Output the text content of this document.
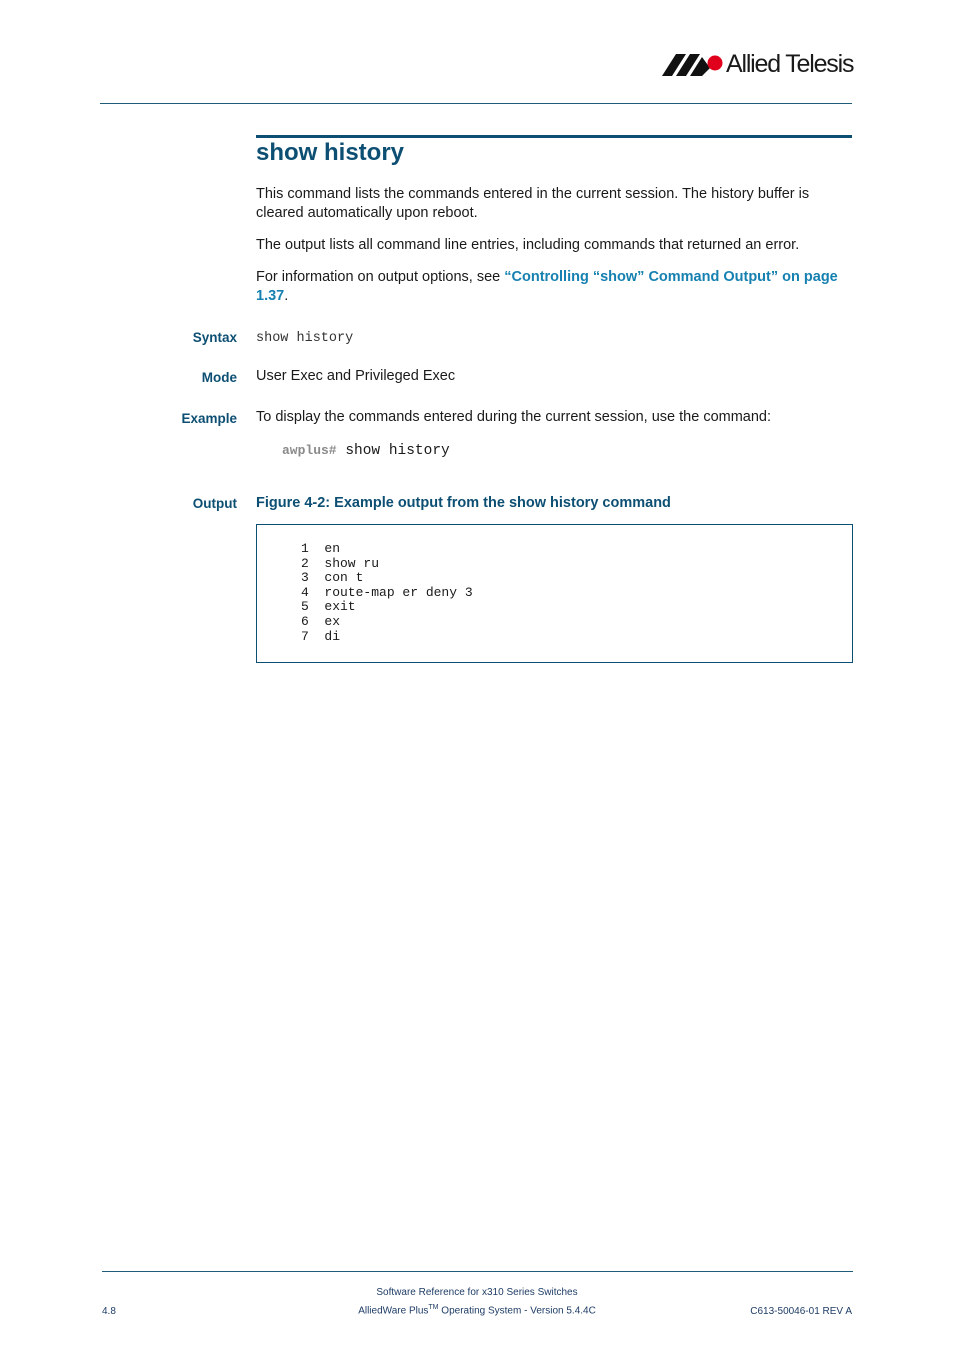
Allied Telesis
show history
This command lists the commands entered in the current session. The history buffer is cleared automatically upon reboot.
The output lists all command line entries, including commands that returned an error.
For information on output options, see “Controlling “show” Command Output” on page 1.37.
Syntax show history
Mode User Exec and Privileged Exec
Example To display the commands entered during the current session, use the command:
awplus# show history
Output Figure 4-2: Example output from the show history command
1  en
2  show ru
3  con t
4  route-map er deny 3
5  exit
6  ex
7  di
Software Reference for x310 Series Switches
AlliedWare Plus™ Operating System - Version 5.4.4C
4.8	C613-50046-01 REV A
